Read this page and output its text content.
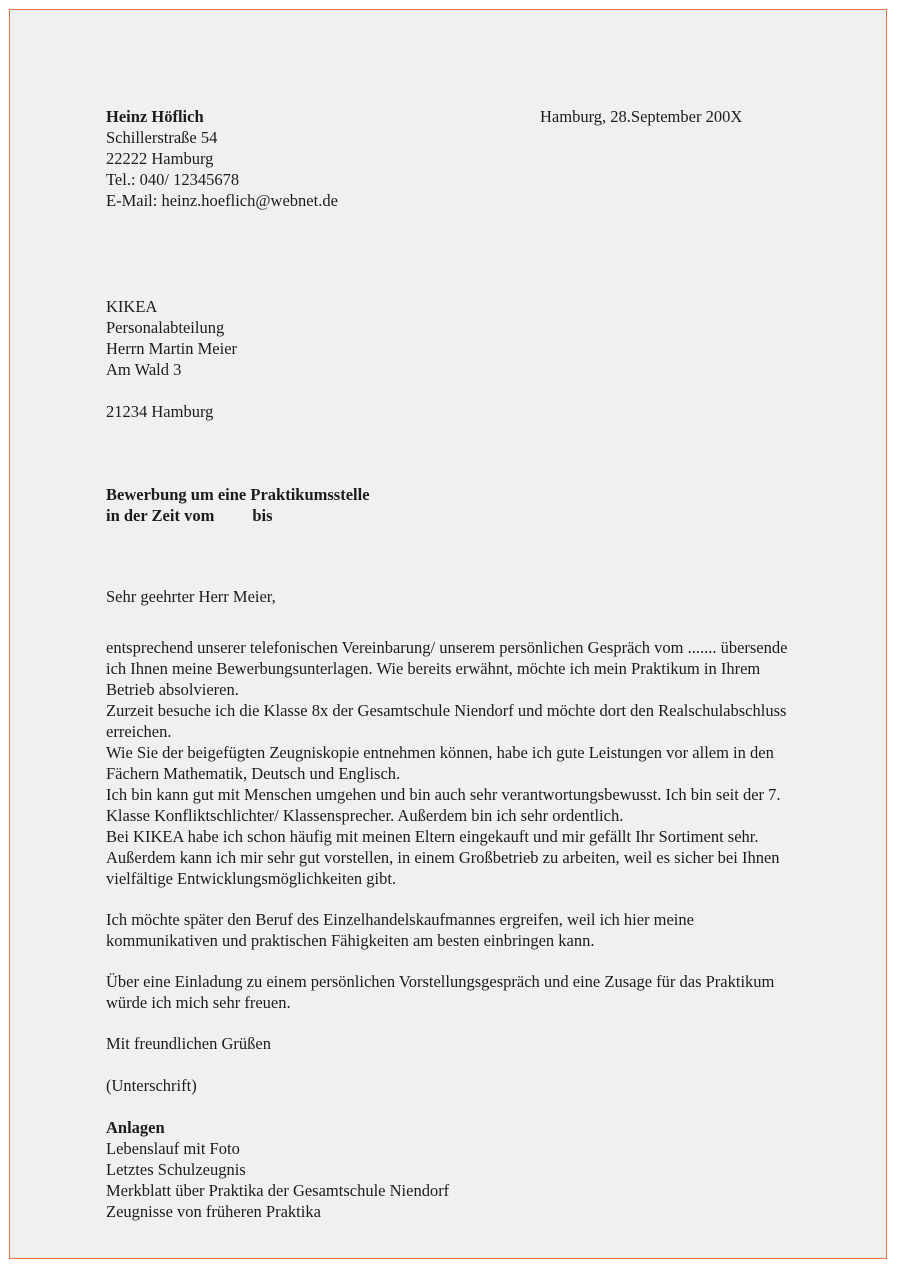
Heinz Höflich
Schillerstraße 54
22222 Hamburg
Tel.: 040/ 12345678
E-Mail: heinz.hoeflich@webnet.de
Hamburg, 28.September 200X
KIKEA
Personalabteilung
Herrn Martin Meier
Am Wald 3
21234 Hamburg
Bewerbung um eine Praktikumsstelle
in der Zeit vom bis
Sehr geehrter Herr Meier,

entsprechend unserer telefonischen Vereinbarung/ unserem persönlichen Gespräch vom ....... übersende ich Ihnen meine Bewerbungsunterlagen. Wie bereits erwähnt, möchte ich mein Praktikum in Ihrem Betrieb absolvieren.

Zurzeit besuche ich die Klasse 8x der Gesamtschule Niendorf und möchte dort den Realschulabschluss erreichen.

Wie Sie der beigefügten Zeugniskopie entnehmen können, habe ich gute Leistungen vor allem in den Fächern Mathematik, Deutsch und Englisch.

Ich bin kann gut mit Menschen umgehen und bin auch sehr verantwortungsbewusst. Ich bin seit der 7. Klasse Konfliktschlichter/ Klassensprecher. Außerdem bin ich sehr ordentlich.

Bei KIKEA habe ich schon häufig mit meinen Eltern eingekauft und mir gefällt Ihr Sortiment sehr. Außerdem kann ich mir sehr gut vorstellen, in einem Großbetrieb zu arbeiten, weil es sicher bei Ihnen vielfältige Entwicklungsmöglichkeiten gibt.

Ich möchte später den Beruf des Einzelhandelskaufmannes ergreifen, weil ich hier meine kommunikativen und praktischen Fähigkeiten am besten einbringen kann.

Über eine Einladung zu einem persönlichen Vorstellungsgespräch und eine Zusage für das Praktikum würde ich mich sehr freuen.

Mit freundlichen Grüßen
(Unterschrift)
Anlagen
Lebenslauf mit Foto
Letztes Schulzeugnis
Merkblatt über Praktika der Gesamtschule Niendorf
Zeugnisse von früheren Praktika
